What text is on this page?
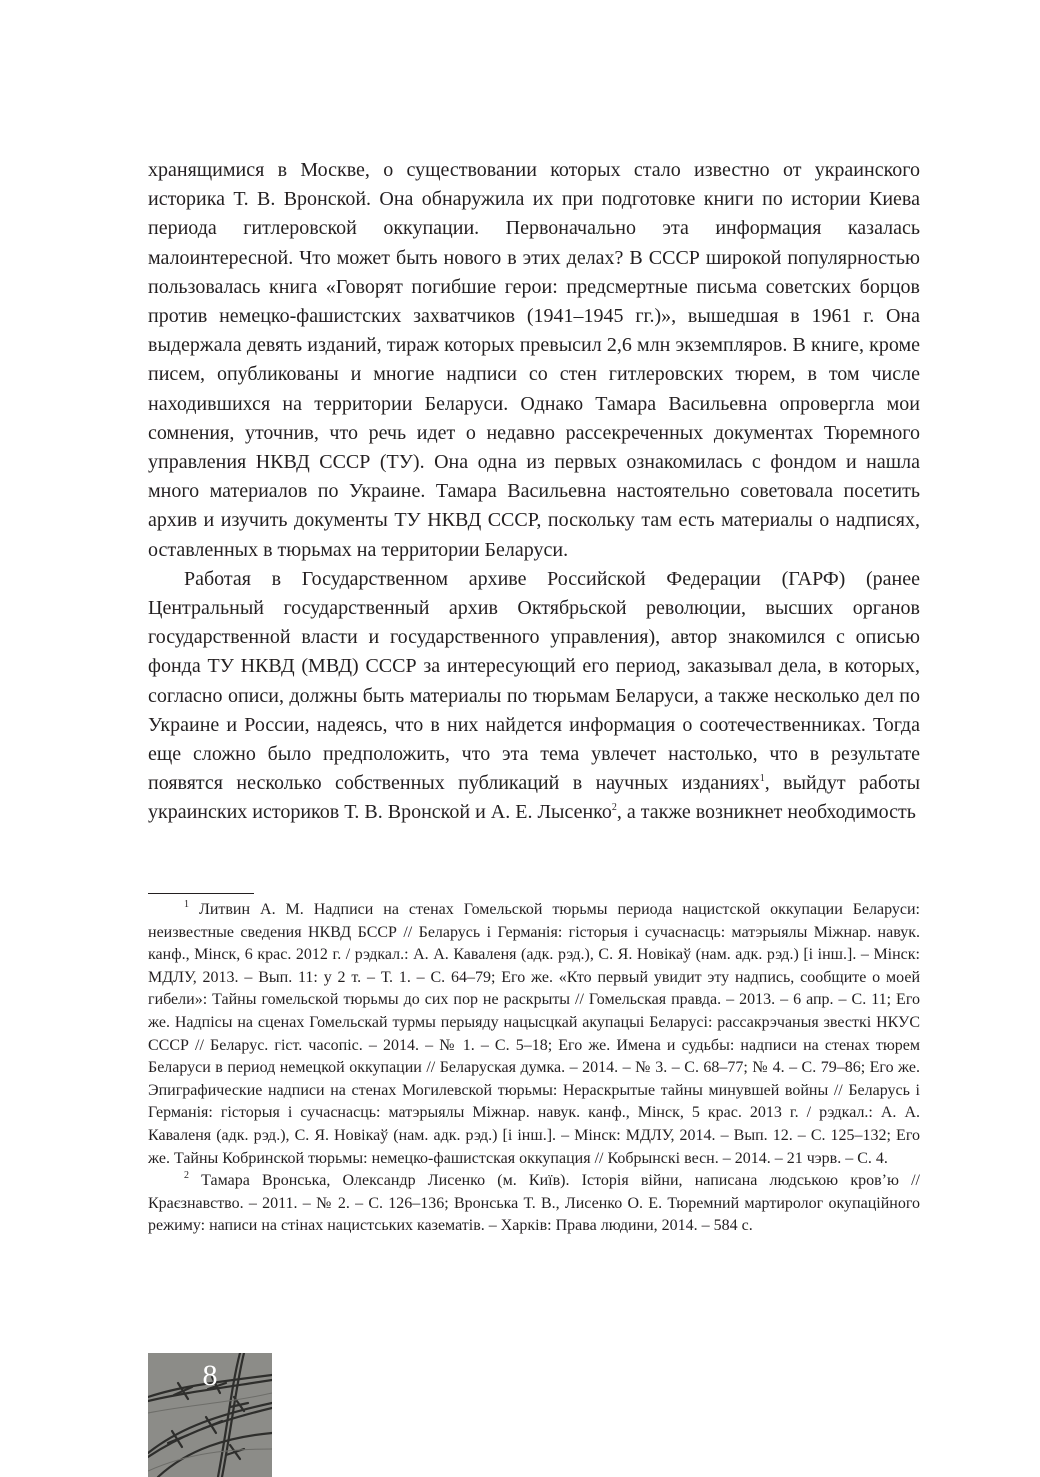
хранящимися в Москве, о существовании которых стало известно от украинского историка Т. В. Вронской. Она обнаружила их при подготовке книги по истории Киева периода гитлеровской оккупации. Первоначально эта информация казалась малоинтересной. Что может быть нового в этих делах? В СССР широкой популярностью пользовалась книга «Говорят погибшие герои: предсмертные письма советских борцов против немецко-фашистских захватчиков (1941–1945 гг.)», вышедшая в 1961 г. Она выдержала девять изданий, тираж которых превысил 2,6 млн экземпляров. В книге, кроме писем, опубликованы и многие надписи со стен гитлеровских тюрем, в том числе находившихся на территории Беларуси. Однако Тамара Васильевна опровергла мои сомнения, уточнив, что речь идет о недавно рассекреченных документах Тюремного управления НКВД СССР (ТУ). Она одна из первых ознакомилась с фондом и нашла много материалов по Украине. Тамара Васильевна настоятельно советовала посетить архив и изучить документы ТУ НКВД СССР, поскольку там есть материалы о надписях, оставленных в тюрьмах на территории Беларуси.

Работая в Государственном архиве Российской Федерации (ГАРФ) (ранее Центральный государственный архив Октябрьской революции, высших органов государственной власти и государственного управления), автор знакомился с описью фонда ТУ НКВД (МВД) СССР за интересующий его период, заказывал дела, в которых, согласно описи, должны быть материалы по тюрьмам Беларуси, а также несколько дел по Украине и России, надеясь, что в них найдется информация о соотечественниках. Тогда еще сложно было предположить, что эта тема увлечет настолько, что в результате появятся несколько собственных публикаций в научных изданиях$^1$, выйдут работы украинских историков Т. В. Вронской и А. Е. Лысенко$^2$, а также возникнет необходимость

$^1$ Литвин А. М. Надписи на стенах Гомельской тюрьмы периода нацистской оккупации Беларуси: неизвестные сведения НКВД БССР // Беларусь і Германія: гісторыя і сучаснасць: матэрыялы Міжнар. навук. канф., Мінск, 6 крас. 2012 г. / рэдкал.: А. А. Каваленя (адк. рэд.), С. Я. Новікаў (нам. адк. рэд.) [і інш.]. – Мінск: МДЛУ, 2013. – Вып. 11: у 2 т. – Т. 1. – С. 64–79; Его же. «Кто первый увидит эту надпись, сообщите о моей гибели»: Тайны гомельской тюрьмы до сих пор не раскрыты // Гомельская правда. – 2013. – 6 апр. – С. 11; Его же. Надпісы на сценах Гомельскай турмы перыяду нацысцкай акупацыі Беларусі: рассакрэчаныя звесткі НКУС СССР // Беларус. гіст. часопіс. – 2014. – № 1. – С. 5–18; Его же. Имена и судьбы: надписи на стенах тюрем Беларуси в период немецкой оккупации // Беларуская думка. – 2014. – № 3. – С. 68–77; № 4. – С. 79–86; Его же. Эпиграфические надписи на стенах Могилевской тюрьмы: Нераскрытые тайны минувшей войны // Беларусь і Германія: гісторыя і сучаснасць: матэрыялы Міжнар. навук. канф., Мінск, 5 крас. 2013 г. / рэдкал.: А. А. Каваленя (адк. рэд.), С. Я. Новікаў (нам. адк. рэд.) [і інш.]. – Мінск: МДЛУ, 2014. – Вып. 12. – С. 125–132; Его же. Тайны Кобринской тюрьмы: немецко-фашистская оккупация // Кобрынскі весн. – 2014. – 21 чэрв. – С. 4.

$^2$ Тамара Вронська, Олександр Лисенко (м. Київ). Історія війни, написана людською кров’ю // Краєзнавство. – 2011. – № 2. – С. 126–136; Вронська Т. В., Лисенко О. Е. Тюремний мартиролог окупаційного режиму: написи на стінах нацистських казематів. – Харків: Права людини, 2014. – 584 с.

8
